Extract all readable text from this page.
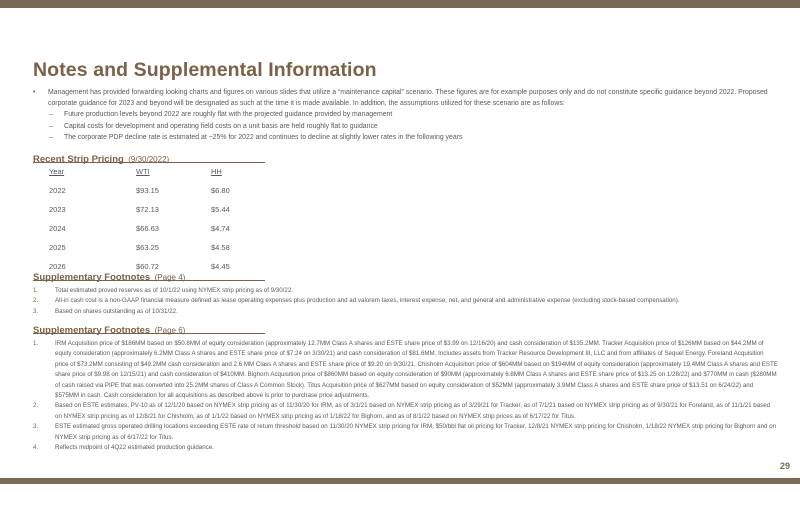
Notes and Supplemental Information
• Management has provided forwarding looking charts and figures on various slides that utilize a “maintenance capital” scenario. These figures are for example purposes only and do not constitute specific guidance beyond 2022. Proposed corporate guidance for 2023 and beyond will be designated as such at the time it is made available. In addition, the assumptions utilized for these scenario are as follows:
– Future production levels beyond 2022 are roughly flat with the projected guidance provided by management
– Capital costs for development and operating field costs on a unit basis are held roughly flat to guidance
– The corporate PDP decline rate is estimated at ~25% for 2022 and continues to decline at slightly lower rates in the following years
Recent Strip Pricing (9/30/2022)
Year	WTI	HH
2022	$93.15	$6.80
2023	$72.13	$5.44
2024	$66.63	$4.74
2025	$63.25	$4.58
2026	$60.72	$4.45
Supplementary Footnotes (Page 4)
1.	Total estimated proved reserves as of 10/1/22 using NYMEX strip pricing as of 9/30/22.
2.	All-in cash cost is a non-GAAP financial measure defined as lease operating expenses plus production and ad valorem taxes, interest expense, net, and general and administrative expense (excluding stock-based compensation).
3.	Based on shares outstanding as of 10/31/22.
Supplementary Footnotes (Page 6)
1.	IRM Acquisition price of $186MM based on $50.8MM of equity consideration (approximately 12.7MM Class A shares and ESTE share price of $3.99 on 12/16/20) and cash consideration of $135.2MM. Tracker Acquisition price of $126MM based on $44.2MM of equity consideration (approximately 6.2MM Class A shares and ESTE share price of $7.24 on 3/30/21) and cash consideration of $81.6MM. Includes assets from Tracker Resource Development III, LLC and from affiliates of Sequel Energy. Foreland Acquisition price of $73.2MM consisting of $49.2MM cash consideration and 2.6 MM Class A shares and ESTE share price of $9.20 on 9/30/21. Chisholm Acquisition price of $604MM based on $194MM of equity consideration (approximately 19.4MM Class A shares and ESTE share price of $9.98 on 12/15/21) and cash consideration of $410MM. Bighorn Acquisition price of $860MM based on equity consideration of $90MM (approximately 6.8MM Class A shares and ESTE share price of $13.25 on 1/28/22) and $770MM in cash ($280MM of cash raised via PIPE that was converted into 25.2MM shares of Class A Common Stock). Titus Acquisition price of $627MM based on equity consideration of $52MM (approximately 3.9MM Class A shares and ESTE share price of $13.51 on 6/24/22) and $575MM in cash. Cash consideration for all acquisitions as described above is prior to purchase price adjustments.
2.	Based on ESTE estimates; PV-10 as of 12/1/20 based on NYMEX strip pricing as of 11/30/20 for IRM, as of 3/1/21 based on NYMEX strip pricing as of 3/29/21 for Tracker, as of 7/1/21 based on NYMEX strip pricing as of 9/30/21 for Foreland, as of 11/1/21 based on NYMEX strip pricing as of 12/8/21 for Chisholm, as of 1/1/22 based on NYMEX strip pricing as of 1/18/22 for Bighorn, and as of 8/1/22 based on NYMEX strip prices as of 6/17/22 for Titus.
3.	ESTE estimated gross operated drilling locations exceeding ESTE rate of return threshold based on 11/30/20 NYMEX strip pricing for IRM, $50/bbl flat oil pricing for Tracker, 12/8/21 NYMEX strip pricing for Chisholm, 1/18/22 NYMEX strip pricing for Bighorn and on NYMEX strip pricing as of 6/17/22 for Titus.
4.	Reflects midpoint of 4Q22 estimated production guidance.
29
